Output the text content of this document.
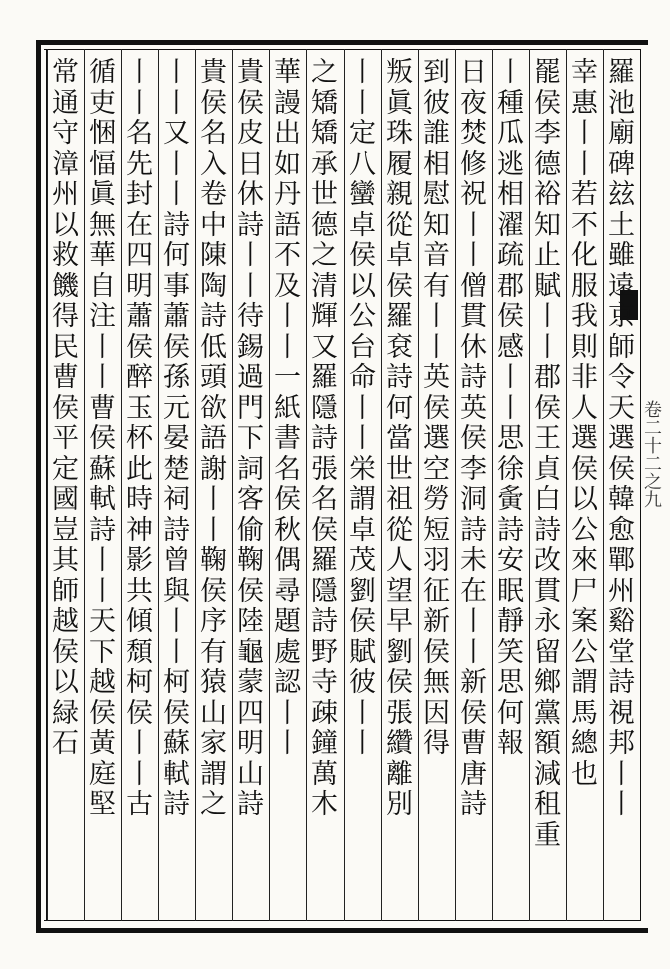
卷二十二之九
羅
池
廟
碑
玆
土
雖
遠
京
師
令
天
選
侯
韓
愈
鄲
州
谿
堂
詩
視
邦
丨
丨
幸
惠
丨
丨
若
不
化
服
我
則
非
人
選
侯
以
公
來
尸
案
公
謂
馬
總
也
罷
侯
李
德
裕
知
止
賦
丨
丨
郡
侯
王
貞
白
詩
改
貫
永
留
鄉
黨
額
減
租
重
丨
種
瓜
逃
相
濯
疏
郡
侯
感
丨
丨
思
徐
夤
詩
安
眠
靜
笑
思
何
報
日
夜
焚
修
祝
丨
丨
僧
貫
休
詩
英
侯
李
洞
詩
未
在
丨
丨
新
侯
曹
唐
詩
到
彼
誰
相
慰
知
音
有
丨
丨
英
侯
選
空
勞
短
羽
征
新
侯
無
因
得
叛
眞
珠
履
親
從
卓
侯
羅
袞
詩
何
當
世
祖
從
人
望
早
劉
侯
張
纘
離
別
丨
丨
定
八
蠻
卓
侯
以
公
台
命
丨
丨
栄
謂
卓
茂
劉
侯
賦
彼
丨
丨
之
矯
矯
承
世
德
之
清
輝
又
羅
隱
詩
張
名
侯
羅
隱
詩
野
寺
疎
鐘
萬
木
華
謾
出
如
丹
語
不
及
丨
丨
一
紙
書
名
侯
秋
偶
尋
題
處
認
丨
丨
貴
侯
皮
日
休
詩
丨
丨
待
錫
過
門
下
詞
客
偷
鞠
侯
陸
龜
蒙
四
明
山
詩
貴
侯
名
入
卷
中
陳
陶
詩
低
頭
欲
語
謝
丨
丨
鞠
侯
序
有
猿
山
家
謂
之
丨
丨
又
丨
丨
詩
何
事
蕭
侯
孫
元
晏
楚
祠
詩
曾
與
丨
丨
柯
侯
蘇
軾
詩
丨
丨
名
先
封
在
四
明
蕭
侯
醉
玉
杯
此
時
神
影
共
傾
頹
柯
侯
丨
丨
古
循
吏
悃
愊
眞
無
華
自
注
丨
丨
曹
侯
蘇
軾
詩
丨
丨
天
下
越
侯
黃
庭
堅
常
通
守
漳
州
以
救
饑
得
民
曹
侯
平
定
國
豈
其
師
越
侯
以
緑
石
